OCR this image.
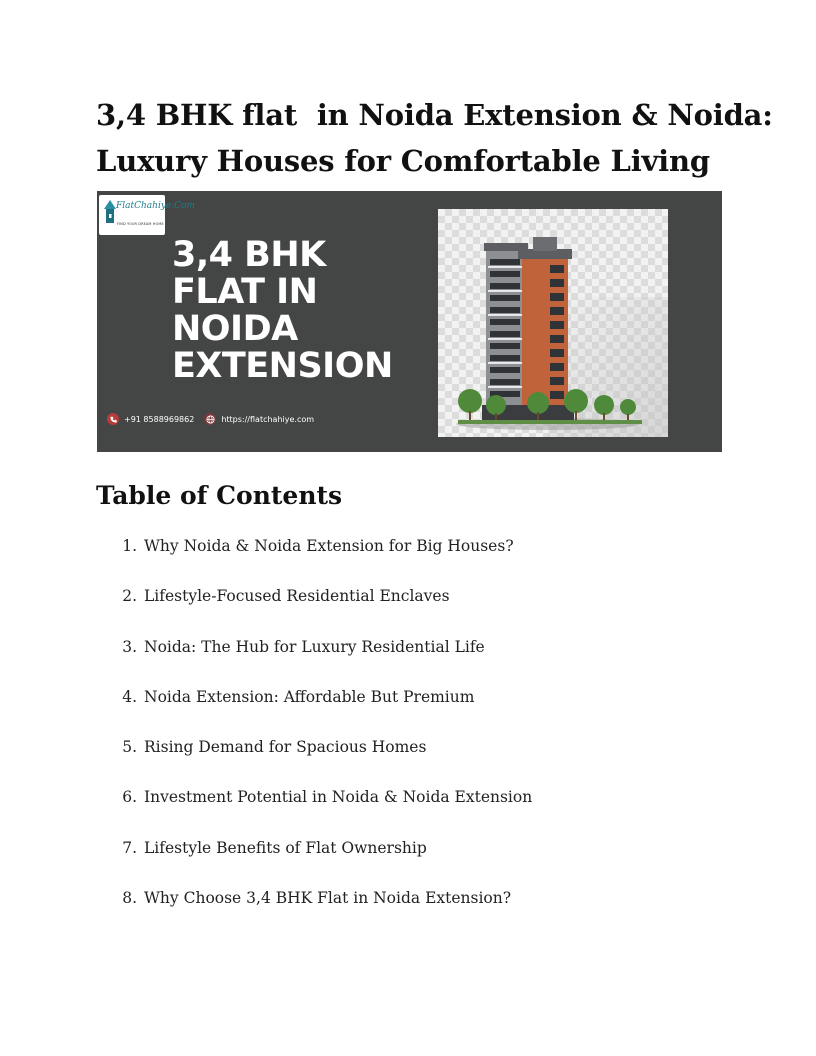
3,4 BHK flat  in Noida Extension & Noida:
Luxury Houses for Comfortable Living
FlatChahiye.Com
FIND YOUR DREAM HOME
3,4 BHK
FLAT IN
NOIDA
EXTENSION
+91 8588969862	https://flatchahiye.com
Table of Contents
1. Why Noida & Noida Extension for Big Houses?
2. Lifestyle-Focused Residential Enclaves
3. Noida: The Hub for Luxury Residential Life
4. Noida Extension: Affordable But Premium
5. Rising Demand for Spacious Homes
6. Investment Potential in Noida & Noida Extension
7. Lifestyle Benefits of Flat Ownership
8. Why Choose 3,4 BHK Flat in Noida Extension?
